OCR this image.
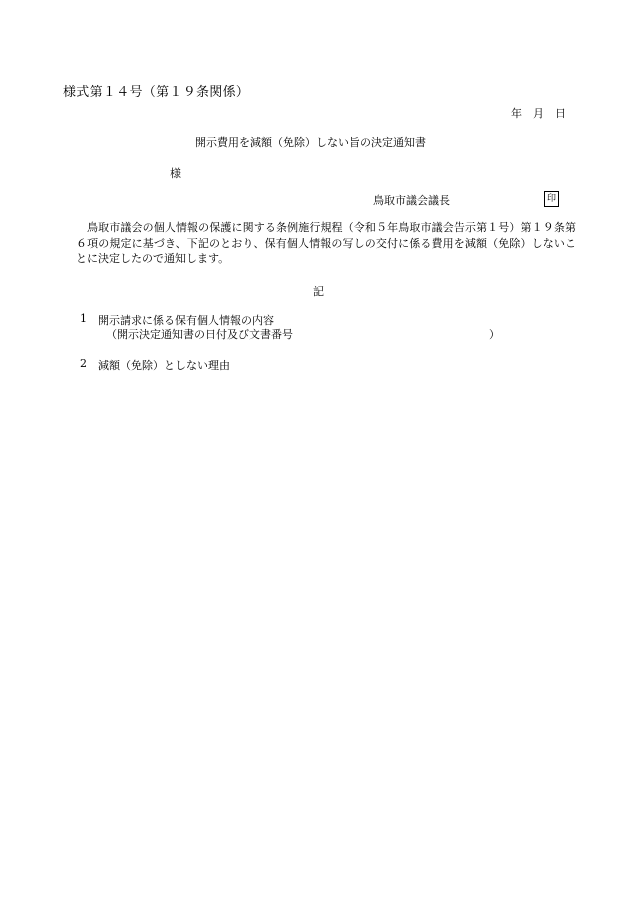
様式第１４号（第１９条関係）
年　月　日
開示費用を減額（免除）しない旨の決定通知書
様
鳥取市議会議長	印
鳥取市議会の個人情報の保護に関する条例施行規程（令和５年鳥取市議会告示第１号）第１９条第６項の規定に基づき、下記のとおり、保有個人情報の写しの交付に係る費用を減額（免除）しないことに決定したので通知します。
記
1 開示請求に係る保有個人情報の内容
（開示決定通知書の日付及び文書番号	）
2 減額（免除）としない理由
